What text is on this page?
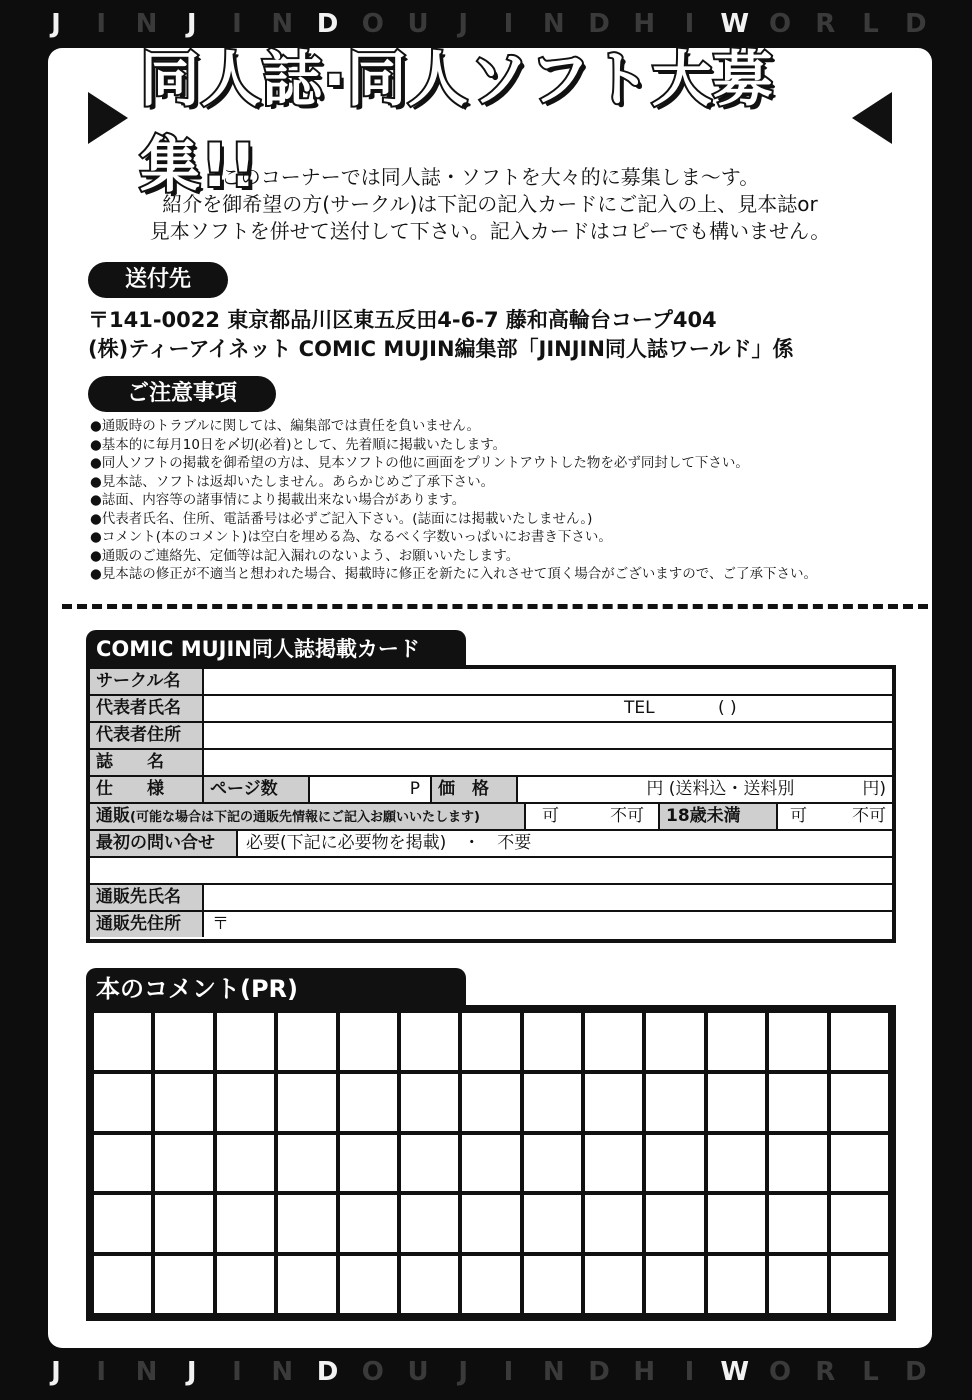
J	I	N	J	I	N D O U	J	I	N D H	I	W O R	L	D
J	I	N	J	I	N D O U	J	I	N D H	I	W O R	L	D
同人誌·同人ソフト大募集!!
このコーナーでは同人誌・ソフトを大々的に募集しま〜す。
紹介を御希望の方(サークル)は下記の記入カードにご記入の上、見本誌or
見本ソフトを併せて送付して下さい。記入カードはコピーでも構いません。
送付先
〒141-0022 東京都品川区東五反田4-6-7 藤和高輪台コープ404
(株)ティーアイネット COMIC MUJIN編集部「JINJIN同人誌ワールド」係
ご注意事項
● 通販時のトラブルに関しては、編集部では責任を負いません。
● 基本的に毎月10日を〆切(必着)として、先着順に掲載いたします。
● 同人ソフトの掲載を御希望の方は、見本ソフトの他に画面をプリントアウトした物を必ず同封して下さい。
● 見本誌、ソフトは返却いたしません。あらかじめご了承下さい。
● 誌面、内容等の諸事情により掲載出来ない場合があります。
● 代表者氏名、住所、電話番号は必ずご記入下さい。(誌面には掲載いたしません。)
● コメント(本のコメント)は空白を埋める為、なるべく字数いっぱいにお書き下さい。
● 通販のご連絡先、定価等は記入漏れのないよう、お願いいたします。
● 見本誌の修正が不適当と想われた場合、掲載時に修正を新たに入れさせて頂く場合がございますので、ご了承下さい。
COMIC MUJIN同人誌掲載カード
サークル名
代表者氏名	TEL	( )
代表者住所
誌　　名
仕　　様	ページ数	P	価　格	円 (送料込・送料別　　　　円)
通販(可能な場合は下記の通販先情報にご記入お願いいたします)	可	不可	18歳未満	可	不可
最初の問い合せ	必要(下記に必要物を掲載)　・　不要
通販先氏名
通販先住所	〒
本のコメント(PR)
